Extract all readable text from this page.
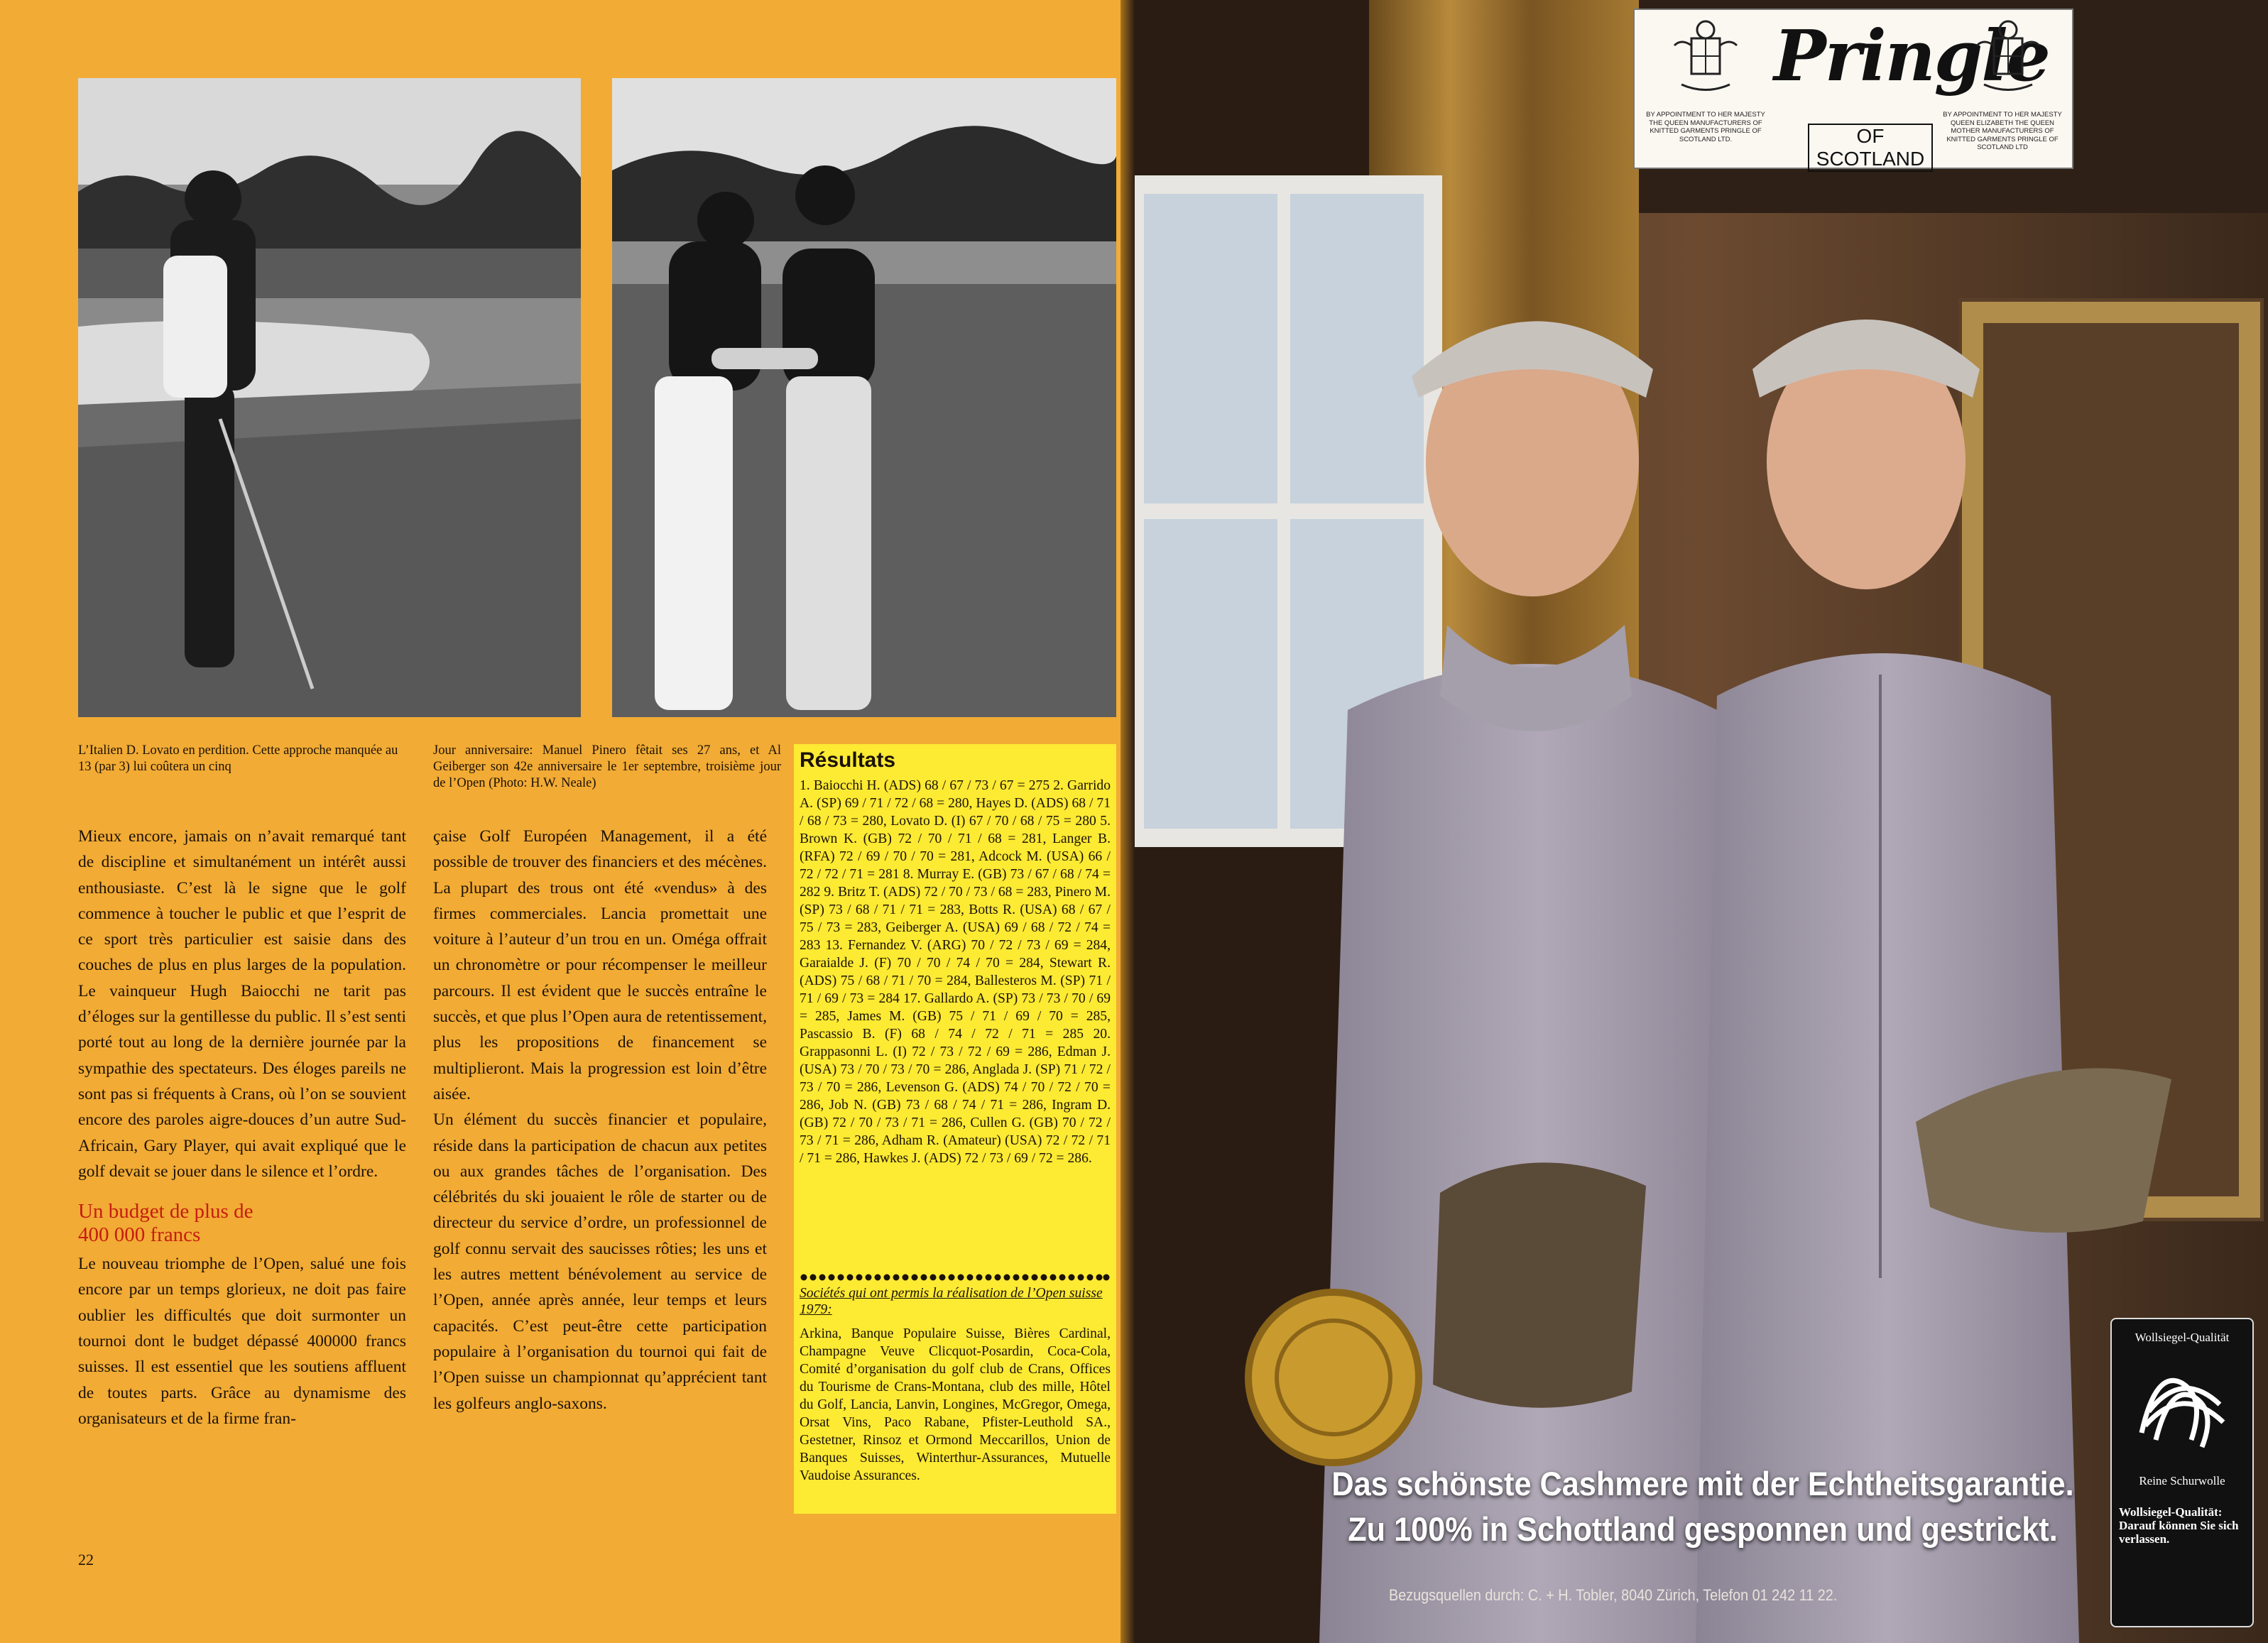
L’Italien D. Lovato en perdition. Cette approche manquée au 13 (par 3) lui coûtera un cinq
Jour anniversaire: Manuel Pinero fêtait ses 27 ans, et Al Geiberger son 42e anniversaire le 1er septembre, troisième jour de l’Open (Photo: H.W. Neale)

Mieux encore, jamais on n’avait remarqué tant de discipline et simultanément un intérêt aussi enthousiaste. C’est là le signe que le golf commence à toucher le public et que l’esprit de ce sport très particulier est saisie dans des couches de plus en plus larges de la population. Le vainqueur Hugh Baiocchi ne tarit pas d’éloges sur la gentillesse du public. Il s’est senti porté tout au long de la dernière journée par la sympathie des spectateurs. Des éloges pareils ne sont pas si fréquents à Crans, où l’on se souvient encore des paroles aigre-douces d’un autre Sud-Africain, Gary Player, qui avait expliqué que le golf devait se jouer dans le silence et l’ordre.

Un budget de plus de
400 000 francs

Le nouveau triomphe de l’Open, salué une fois encore par un temps glorieux, ne doit pas faire oublier les difficultés que doit surmonter un tournoi dont le budget dépassé 400000 francs suisses. Il est essentiel que les soutiens affluent de toutes parts. Grâce au dynamisme des organisateurs et de la firme fran-

çaise Golf Européen Management, il a été possible de trouver des financiers et des mécènes. La plupart des trous ont été «vendus» à des firmes commerciales. Lancia promettait une voiture à l’auteur d’un trou en un. Oméga offrait un chronomètre or pour récompenser le meilleur parcours. Il est évident que le succès entraîne le succès, et que plus l’Open aura de retentissement, plus les propositions de financement se multiplieront. Mais la progression est loin d’être aisée.

Un élément du succès financier et populaire, réside dans la participation de chacun aux petites ou aux grandes tâches de l’organisation. Des célébrités du ski jouaient le rôle de starter ou de directeur du service d’ordre, un professionnel de golf connu servait des saucisses rôties; les uns et les autres mettent bénévolement au service de l’Open, année après année, leur temps et leurs capacités. C’est peut-être cette participation populaire à l’organisation du tournoi qui fait de l’Open suisse un championnat qu’apprécient tant les golfeurs anglo-saxons.

Résultats
1. Baiocchi H. (ADS) 68 / 67 / 73 / 67 = 275 2. Garrido A. (SP) 69 / 71 / 72 / 68 = 280, Hayes D. (ADS) 68 / 71 / 68 / 73 = 280, Lovato D. (I) 67 / 70 / 68 / 75 = 280 5. Brown K. (GB) 72 / 70 / 71 / 68 = 281, Langer B. (RFA) 72 / 69 / 70 / 70 = 281, Adcock M. (USA) 66 / 72 / 72 / 71 = 281 8. Murray E. (GB) 73 / 67 / 68 / 74 = 282 9. Britz T. (ADS) 72 / 70 / 73 / 68 = 283, Pinero M. (SP) 73 / 68 / 71 / 71 = 283, Botts R. (USA) 68 / 67 / 75 / 73 = 283, Geiberger A. (USA) 69 / 68 / 72 / 74 = 283 13. Fernandez V. (ARG) 70 / 72 / 73 / 69 = 284, Garaialde J. (F) 70 / 70 / 74 / 70 = 284, Stewart R. (ADS) 75 / 68 / 71 / 70 = 284, Ballesteros M. (SP) 71 / 71 / 69 / 73 = 284 17. Gallardo A. (SP) 73 / 73 / 70 / 69 = 285, James M. (GB) 75 / 71 / 69 / 70 = 285, Pascassio B. (F) 68 / 74 / 72 / 71 = 285 20. Grappasonni L. (I) 72 / 73 / 72 / 69 = 286, Edman J. (USA) 73 / 70 / 73 / 70 = 286, Anglada J. (SP) 71 / 72 / 73 / 70 = 286, Levenson G. (ADS) 74 / 70 / 72 / 70 = 286, Job N. (GB) 73 / 68 / 74 / 71 = 286, Ingram D. (GB) 72 / 70 / 73 / 71 = 286, Cullen G. (GB) 70 / 72 / 73 / 71 = 286, Adham R. (Amateur) (USA) 72 / 72 / 71 / 71 = 286, Hawkes J. (ADS) 72 / 73 / 69 / 72 = 286.
Sociétés qui ont permis la réalisation de l’Open suisse 1979:
Arkina, Banque Populaire Suisse, Bières Cardinal, Champagne Veuve Clicquot-Posardin, Coca-Cola, Comité d’organisation du golf club de Crans, Offices du Tourisme de Crans-Montana, club des mille, Hôtel du Golf, Lancia, Lanvin, Longines, McGregor, Omega, Orsat Vins, Paco Rabane, Pfister-Leuthold SA., Gestetner, Rinsoz et Ormond Meccarillos, Union de Banques Suisses, Winterthur-Assurances, Mutuelle Vaudoise Assurances.
22
BY APPOINTMENT TO HER MAJESTY THE QUEEN MANUFACTURERS OF KNITTED GARMENTS PRINGLE OF SCOTLAND LTD.
Pringle
OF SCOTLAND
BY APPOINTMENT TO HER MAJESTY QUEEN ELIZABETH THE QUEEN MOTHER MANUFACTURERS OF KNITTED GARMENTS PRINGLE OF SCOTLAND LTD
Das schönste Cashmere mit der Echtheitsgarantie.
Zu 100% in Schottland gesponnen und gestrickt.
Bezugsquellen durch: C. + H. Tobler, 8040 Zürich, Telefon 01 242 11 22.
Wollsiegel-Qualität
Reine Schurwolle
Wollsiegel-Qualität: Darauf können Sie sich verlassen.
